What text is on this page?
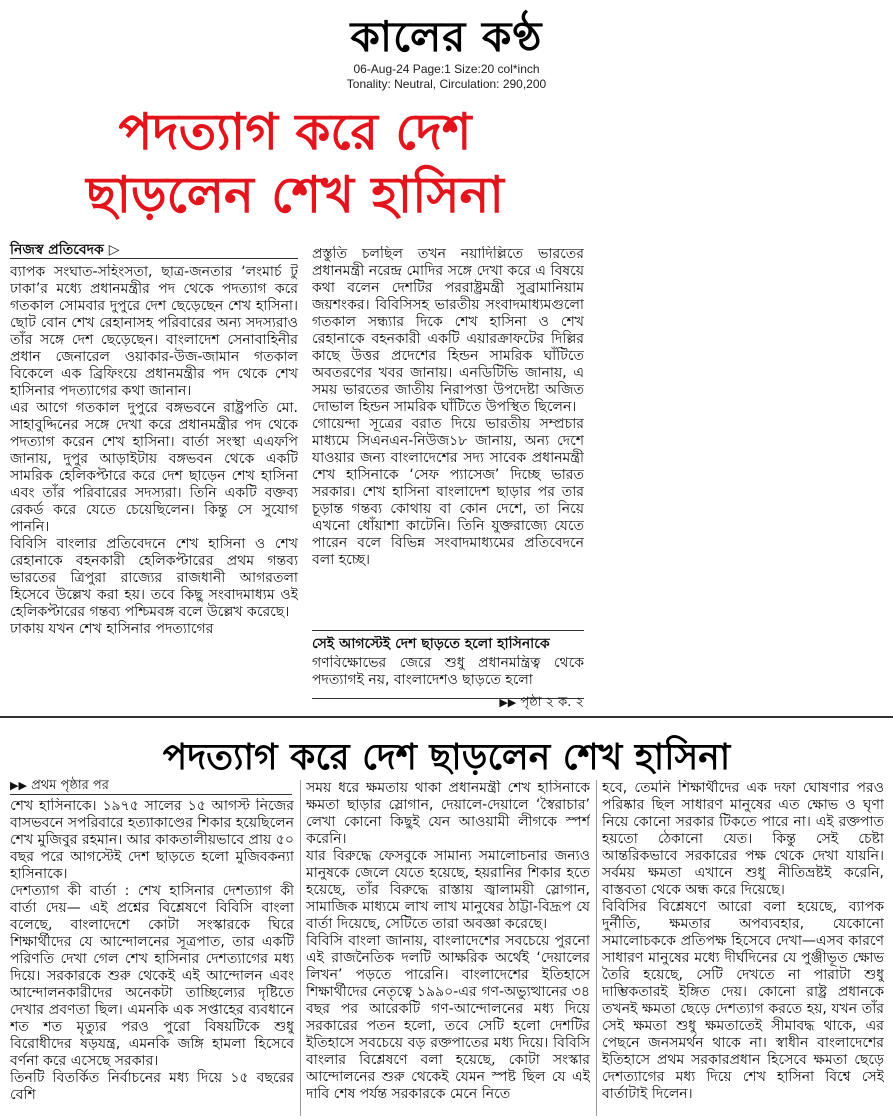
কালের কণ্ঠ
06-Aug-24 Page:1 Size:20 col*inch
Tonality: Neutral, Circulation: 290,200
পদত্যাগ করে দেশ
ছাড়লেন শেখ হাসিনা
নিজস্ব প্রতিবেদক ▷

ব্যাপক সংঘাত-সহিংসতা, ছাত্র-জনতার ‘লংমার্চ টু ঢাকা’র মধ্যে প্রধানমন্ত্রীর পদ থেকে পদত্যাগ করে গতকাল সোমবার দুপুরে দেশ ছেড়েছেন শেখ হাসিনা। ছোট বোন শেখ রেহানাসহ পরিবারের অন্য সদস্যরাও তাঁর সঙ্গে দেশ ছেড়েছেন। বাংলাদেশ সেনাবাহিনীর প্রধান জেনারেল ওয়াকার-উজ-জামান গতকাল বিকেলে এক ব্রিফিংয়ে প্রধানমন্ত্রীর পদ থেকে শেখ হাসিনার পদত্যাগের কথা জানান।

এর আগে গতকাল দুপুরে বঙ্গভবনে রাষ্ট্রপতি মো. সাহাবুদ্দিনের সঙ্গে দেখা করে প্রধানমন্ত্রীর পদ থেকে পদত্যাগ করেন শেখ হাসিনা। বার্তা সংস্থা এএফপি জানায়, দুপুর আড়াইটায় বঙ্গভবন থেকে একটি সামরিক হেলিকপ্টারে করে দেশ ছাড়েন শেখ হাসিনা এবং তাঁর পরিবারের সদস্যরা। তিনি একটি বক্তব্য রেকর্ড করে যেতে চেয়েছিলেন। কিন্তু সে সুযোগ পাননি।

বিবিসি বাংলার প্রতিবেদনে শেখ হাসিনা ও শেখ রেহানাকে বহনকারী হেলিকপ্টারের প্রথম গন্তব্য ভারতের ত্রিপুরা রাজ্যের রাজধানী আগরতলা হিসেবে উল্লেখ করা হয়। তবে কিছু সংবাদমাধ্যম ওই হেলিকপ্টারের গন্তব্য পশ্চিমবঙ্গ বলে উল্লেখ করেছে।

ঢাকায় যখন শেখ হাসিনার পদত্যাগের

প্রস্তুতি চলছিল তখন নয়াদিল্লিতে ভারতের প্রধানমন্ত্রী নরেন্দ্র মোদির সঙ্গে দেখা করে এ বিষয়ে কথা বলেন দেশটির পররাষ্ট্রমন্ত্রী সুব্রামানিয়াম জয়শংকর। বিবিসিসহ ভারতীয় সংবাদমাধ্যমগুলো গতকাল সন্ধ্যার দিকে শেখ হাসিনা ও শেখ রেহানাকে বহনকারী একটি এয়ারক্রাফটের দিল্লির কাছে উত্তর প্রদেশের হিন্ডন সামরিক ঘাঁটিতে অবতরণের খবর জানায়। এনডিটিভি জানায়, এ সময় ভারতের জাতীয় নিরাপত্তা উপদেষ্টা অজিত দোভাল হিন্ডন সামরিক ঘাঁটিতে উপস্থিত ছিলেন।

গোয়েন্দা সূত্রের বরাত দিয়ে ভারতীয় সম্প্রচার মাধ্যমে সিএনএন-নিউজ১৮ জানায়, অন্য দেশে যাওয়ার জন্য বাংলাদেশের সদ্য সাবেক প্রধানমন্ত্রী শেখ হাসিনাকে ‘সেফ প্যাসেজ’ দিচ্ছে ভারত সরকার। শেখ হাসিনা বাংলাদেশ ছাড়ার পর তার চূড়ান্ত গন্তব্য কোথায় বা কোন দেশে, তা নিয়ে এখনো ধোঁয়াশা কাটেনি। তিনি যুক্তরাজ্যে যেতে পারেন বলে বিভিন্ন সংবাদমাধ্যমের প্রতিবেদনে বলা হচ্ছে।

সেই আগস্টেই দেশ ছাড়তে হলো হাসিনাকে

গণবিক্ষোভের জেরে শুধু প্রধানমন্ত্রিত্ব থেকে পদত্যাগই নয়, বাংলাদেশও ছাড়তে হলো

▶▶ পৃষ্ঠা ২ ক. ২
পদত্যাগ করে দেশ ছাড়লেন শেখ হাসিনা
▶▶ প্রথম পৃষ্ঠার পর

শেখ হাসিনাকে। ১৯৭৫ সালের ১৫ আগস্ট নিজের বাসভবনে সপরিবারে হত্যাকাণ্ডের শিকার হয়েছিলেন শেখ মুজিবুর রহমান। আর কাকতালীয়ভাবে প্রায় ৫০ বছর পরে আগস্টেই দেশ ছাড়তে হলো মুজিবকন্যা হাসিনাকে।

দেশত্যাগ কী বার্তা : শেখ হাসিনার দেশত্যাগ কী বার্তা দেয়— এই প্রশ্নের বিশ্লেষণে বিবিসি বাংলা বলেছে, বাংলাদেশে কোটা সংস্কারকে ঘিরে শিক্ষার্থীদের যে আন্দোলনের সূত্রপাত, তার একটি পরিণতি দেখা গেল শেখ হাসিনার দেশত্যাগের মধ্য দিয়ে। সরকারকে শুরু থেকেই এই আন্দোলন এবং আন্দোলনকারীদের অনেকটা তাচ্ছিল্যের দৃষ্টিতে দেখার প্রবণতা ছিল। এমনকি এক সপ্তাহের ব্যবধানে শত শত মৃত্যুর পরও পুরো বিষয়টিকে শুধু বিরোধীদের ষড়যন্ত্র, এমনকি জঙ্গি হামলা হিসেবে বর্ণনা করে এসেছে সরকার।

তিনটি বিতর্কিত নির্বাচনের মধ্য দিয়ে ১৫ বছরের বেশি

সময় ধরে ক্ষমতায় থাকা প্রধানমন্ত্রী শেখ হাসিনাকে ক্ষমতা ছাড়ার স্লোগান, দেয়ালে-দেয়ালে ‘স্বৈরাচার’ লেখা কোনো কিছুই যেন আওয়ামী লীগকে স্পর্শ করেনি।

যার বিরুদ্ধে ফেসবুকে সামান্য সমালোচনার জন্যও মানুষকে জেলে যেতে হয়েছে, হয়রানির শিকার হতে হয়েছে, তাঁর বিরুদ্ধে রাস্তায় জ্বালাময়ী স্লোগান, সামাজিক মাধ্যমে লাখ লাখ মানুষের ঠাট্টা-বিদ্রূপ যে বার্তা দিয়েছে, সেটিতে তারা অবজ্ঞা করেছে।

বিবিসি বাংলা জানায়, বাংলাদেশের সবচেয়ে পুরনো এই রাজনৈতিক দলটি আক্ষরিক অর্থেই ‘দেয়ালের লিখন’ পড়তে পারেনি। বাংলাদেশের ইতিহাসে শিক্ষার্থীদের নেতৃত্বে ১৯৯০-এর গণ-অভ্যুত্থানের ৩৪ বছর পর আরেকটি গণ-আন্দোলনের মধ্য দিয়ে সরকারের পতন হলো, তবে সেটি হলো দেশটির ইতিহাসে সবচেয়ে বড় রক্তপাতের মধ্য দিয়ে। বিবিসি বাংলার বিশ্লেষণে বলা হয়েছে, কোটা সংস্কার আন্দোলনের শুরু থেকেই যেমন স্পষ্ট ছিল যে এই দাবি শেষ পর্যন্ত সরকারকে মেনে নিতে

হবে, তেমনি শিক্ষার্থীদের এক দফা ঘোষণার পরও পরিষ্কার ছিল সাধারণ মানুষের এত ক্ষোভ ও ঘৃণা নিয়ে কোনো সরকার টিকতে পারে না। এই রক্তপাত হয়তো ঠেকানো যেত। কিন্তু সেই চেষ্টা আন্তরিকভাবে সরকারের পক্ষ থেকে দেখা যায়নি। সর্বময় ক্ষমতা এখানে শুধু নীতিভ্রষ্টই করেনি, বাস্তবতা থেকে অন্ধ করে দিয়েছে।

বিবিসির বিশ্লেষণে আরো বলা হয়েছে, ব্যাপক দুর্নীতি, ক্ষমতার অপব্যবহার, যেকোনো সমালোচককে প্রতিপক্ষ হিসেবে দেখা—এসব কারণে সাধারণ মানুষের মধ্যে দীর্ঘদিনের যে পুঞ্জীভূত ক্ষোভ তৈরি হয়েছে, সেটি দেখতে না পারাটা শুধু দাম্ভিকতারই ইঙ্গিত দেয়। কোনো রাষ্ট্র প্রধানকে তখনই ক্ষমতা ছেড়ে দেশত্যাগ করতে হয়, যখন তাঁর সেই ক্ষমতা শুধু ক্ষমতাতেই সীমাবদ্ধ থাকে, এর পেছনে জনসমর্থন থাকে না। স্বাধীন বাংলাদেশের ইতিহাসে প্রথম সরকারপ্রধান হিসেবে ক্ষমতা ছেড়ে দেশত্যাগের মধ্য দিয়ে শেখ হাসিনা বিশ্বে সেই বার্তাটাই দিলেন।
